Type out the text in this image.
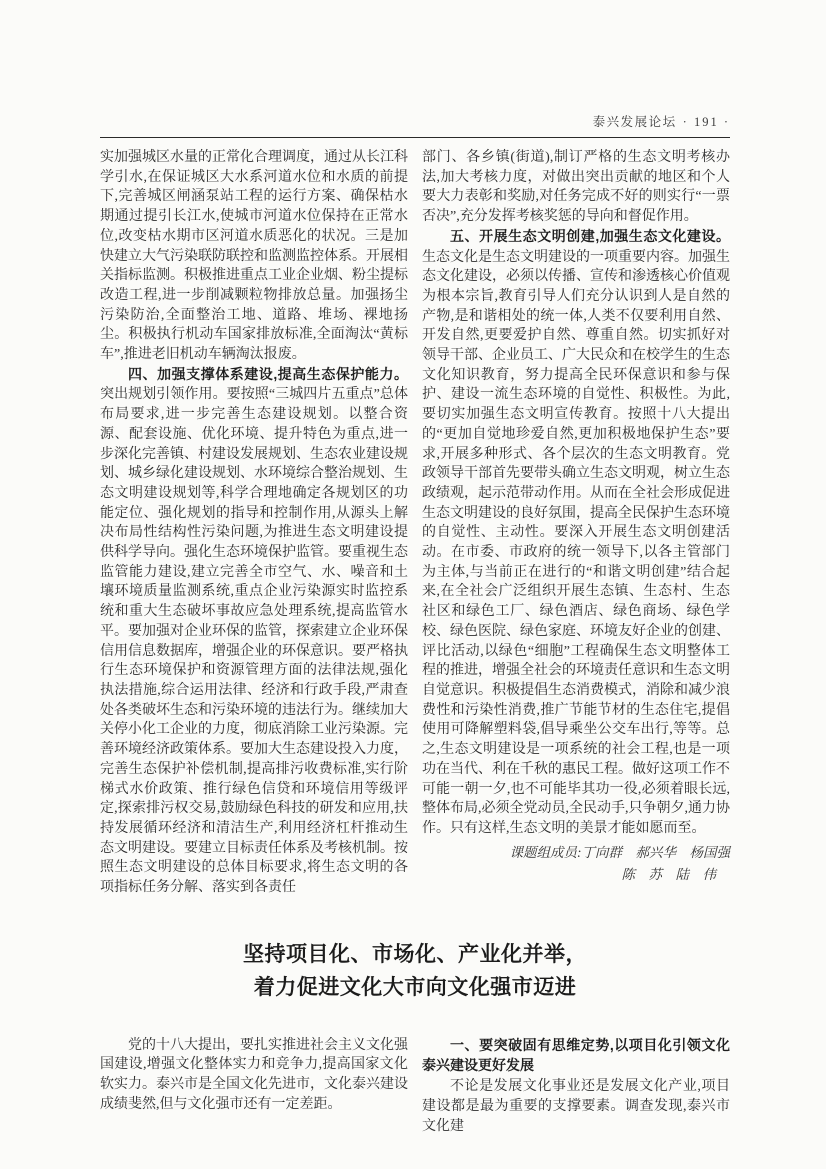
泰兴发展论坛 · 191 ·

实加强城区水量的正常化合理调度，通过从长江科学引水,在保证城区大水系河道水位和水质的前提下,完善城区闸涵泵站工程的运行方案、确保枯水期通过提引长江水,使城市河道水位保持在正常水位,改变枯水期市区河道水质恶化的状况。三是加快建立大气污染联防联控和监测监控体系。开展相关指标监测。积极推进重点工业企业烟、粉尘提标改造工程,进一步削减颗粒物排放总量。加强扬尘污染防治,全面整治工地、道路、堆场、裸地扬尘。积极执行机动车国家排放标准,全面淘汰“黄标车”,推进老旧机动车辆淘汰报废。

四、加强支撑体系建设,提高生态保护能力。突出规划引领作用。要按照“三城四片五重点”总体布局要求,进一步完善生态建设规划。以整合资源、配套设施、优化环境、提升特色为重点,进一步深化完善镇、村建设发展规划、生态农业建设规划、城乡绿化建设规划、水环境综合整治规划、生态文明建设规划等,科学合理地确定各规划区的功能定位、强化规划的指导和控制作用,从源头上解决布局性结构性污染问题,为推进生态文明建设提供科学导向。强化生态环境保护监管。要重视生态监管能力建设,建立完善全市空气、水、噪音和土壤环境质量监测系统,重点企业污染源实时监控系统和重大生态破坏事故应急处理系统,提高监管水平。要加强对企业环保的监管，探索建立企业环保信用信息数据库，增强企业的环保意识。要严格执行生态环境保护和资源管理方面的法律法规,强化执法措施,综合运用法律、经济和行政手段,严肃查处各类破坏生态和污染环境的违法行为。继续加大关停小化工企业的力度，彻底消除工业污染源。完善环境经济政策体系。要加大生态建设投入力度，完善生态保护补偿机制,提高排污收费标准,实行阶梯式水价政策、推行绿色信贷和环境信用等级评定,探索排污权交易,鼓励绿色科技的研发和应用,扶持发展循环经济和清洁生产,利用经济杠杆推动生态文明建设。要建立目标责任体系及考核机制。按照生态文明建设的总体目标要求,将生态文明的各项指标任务分解、落实到各责任

部门、各乡镇(街道),制订严格的生态文明考核办法,加大考核力度，对做出突出贡献的地区和个人要大力表彰和奖励,对任务完成不好的则实行“一票否决”,充分发挥考核奖惩的导向和督促作用。

五、开展生态文明创建,加强生态文化建设。生态文化是生态文明建设的一项重要内容。加强生态文化建设，必须以传播、宣传和渗透核心价值观为根本宗旨,教育引导人们充分认识到人是自然的产物,是和谐相处的统一体,人类不仅要利用自然、开发自然,更要爱护自然、尊重自然。切实抓好对领导干部、企业员工、广大民众和在校学生的生态文化知识教育，努力提高全民环保意识和参与保护、建设一流生态环境的自觉性、积极性。为此,要切实加强生态文明宣传教育。按照十八大提出的“更加自觉地珍爱自然,更加积极地保护生态”要求,开展多种形式、各个层次的生态文明教育。党政领导干部首先要带头确立生态文明观，树立生态政绩观，起示范带动作用。从而在全社会形成促进生态文明建设的良好氛围，提高全民保护生态环境的自觉性、主动性。要深入开展生态文明创建活动。在市委、市政府的统一领导下,以各主管部门为主体,与当前正在进行的“和谐文明创建”结合起来,在全社会广泛组织开展生态镇、生态村、生态社区和绿色工厂、绿色酒店、绿色商场、绿色学校、绿色医院、绿色家庭、环境友好企业的创建、评比活动,以绿色“细胞”工程确保生态文明整体工程的推进，增强全社会的环境责任意识和生态文明自觉意识。积极提倡生态消费模式，消除和减少浪费性和污染性消费,推广节能节材的生态住宅,提倡使用可降解塑料袋,倡导乘坐公交车出行,等等。总之,生态文明建设是一项系统的社会工程,也是一项功在当代、利在千秋的惠民工程。做好这项工作不可能一朝一夕,也不可能毕其功一役,必须着眼长远,整体布局,必须全党动员,全民动手,只争朝夕,通力协作。只有这样,生态文明的美景才能如愿而至。

课题组成员:丁向群　郝兴华　杨国强

陈　苏　陆　伟

坚持项目化、市场化、产业化并举，
着力促进文化大市向文化强市迈进

党的十八大提出，要扎实推进社会主义文化强国建设,增强文化整体实力和竞争力,提高国家文化软实力。泰兴市是全国文化先进市，文化泰兴建设成绩斐然,但与文化强市还有一定差距。

一、要突破固有思维定势,以项目化引领文化泰兴建设更好发展

不论是发展文化事业还是发展文化产业,项目建设都是最为重要的支撑要素。调查发现,泰兴市文化建
